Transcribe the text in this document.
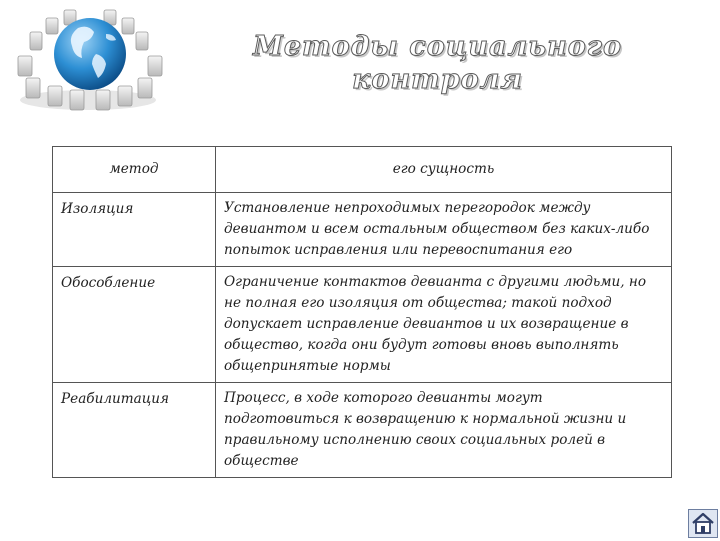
Методы социального
контроля
метод	его сущность
Изоляция	Установление непроходимых перегородок между
девиантом и всем остальным обществом без каких-либо
попыток исправления или перевоспитания его

Обособление	Ограничение контактов девианта с другими людьми, но
не полная его изоляция от общества; такой подход
допускает исправление девиантов и их возвращение в
общество, когда они будут готовы вновь выполнять
общепринятые нормы

Реабилитация	Процесс, в ходе которого девианты могут
подготовиться к возвращению к нормальной жизни и
правильному исполнению своих социальных ролей в
обществе
